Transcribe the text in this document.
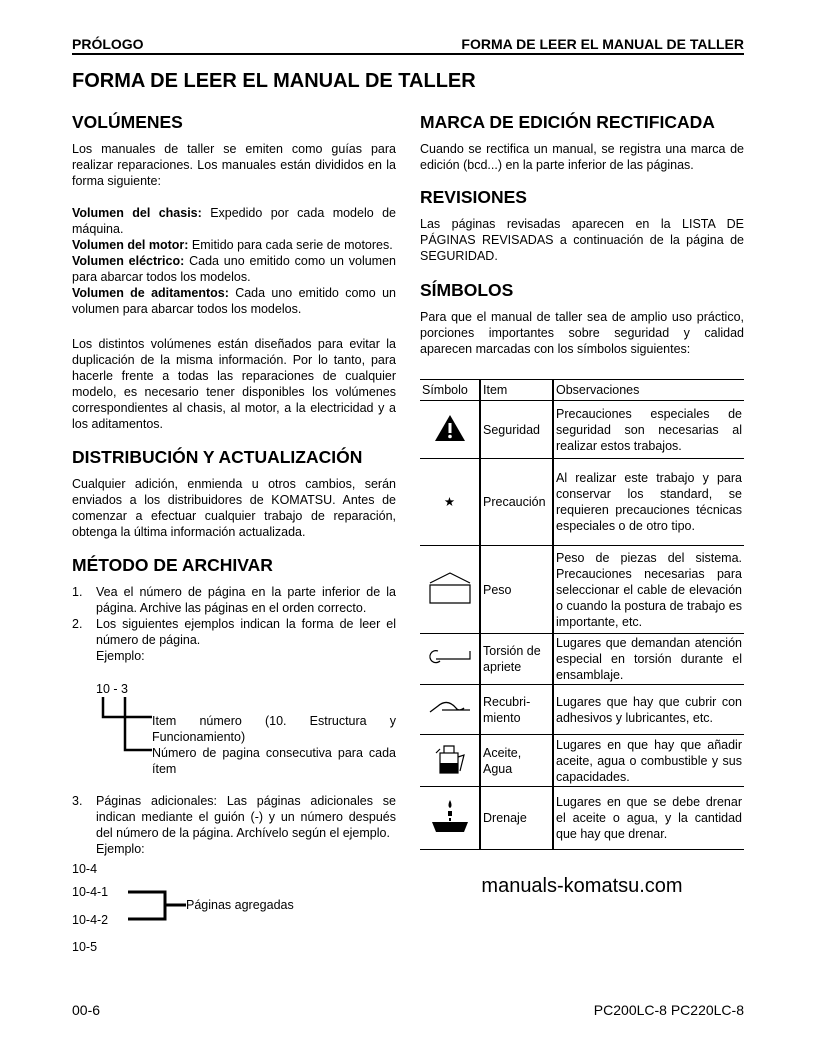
PRÓLOGO	FORMA DE LEER EL MANUAL DE TALLER
FORMA DE LEER EL MANUAL DE TALLER
VOLÚMENES

Los manuales de taller se emiten como guías para realizar reparaciones. Los manuales están divididos en la forma siguiente:

Volumen del chasis: Expedido por cada modelo de máquina.

Volumen del motor: Emitido para cada serie de motores.

Volumen eléctrico: Cada uno emitido como un volumen para abarcar todos los modelos.

Volumen de aditamentos: Cada uno emitido como un volumen para abarcar todos los modelos.

Los distintos volúmenes están diseñados para evitar la duplicación de la misma información. Por lo tanto, para hacerle frente a todas las reparaciones de cualquier modelo, es necesario tener disponibles los volúmenes correspondientes al chasis, al motor, a la electricidad y a los aditamentos.

DISTRIBUCIÓN Y ACTUALIZACIÓN

Cualquier adición, enmienda u otros cambios, serán enviados a los distribuidores de KOMATSU. Antes de comenzar a efectuar cualquier trabajo de reparación, obtenga la última información actualizada.

MÉTODO DE ARCHIVAR
1.	Vea el número de página en la parte inferior de la página. Archive las páginas en el orden correcto.
2.	Los siguientes ejemplos indican la forma de leer el número de página.
Ejemplo:
10 - 3
Item número (10. Estructura y Funcionamiento)
Número de pagina consecutiva para cada ítem
3.	Páginas adicionales: Las páginas adicionales se indican mediante el guión (-) y un número después del número de la página. Archívelo según el ejemplo.
Ejemplo:
10-4
10-4-1
10-4-2
10-5
Páginas agregadas
MARCA DE EDICIÓN RECTIFICADA

Cuando se rectifica un manual, se registra una marca de edición (bcd...) en la parte inferior de las páginas.

REVISIONES

Las páginas revisadas aparecen en la LISTA DE PÁGINAS REVISADAS a continuación de la página de SEGURIDAD.

SÍMBOLOS

Para que el manual de taller sea de amplio uso práctico, porciones importantes sobre seguridad y calidad aparecen marcadas con los símbolos siguientes:

Símbolo	Item	Observaciones
	Seguridad	Precauciones especiales de seguridad son necesarias al realizar estos trabajos.
★	Precaución	Al realizar este trabajo y para conservar los standard, se requieren precauciones técnicas especiales o de otro tipo.
	Peso	Peso de piezas del sistema. Precauciones necesarias para seleccionar el cable de elevación o cuando la postura de trabajo es importante, etc.
	Torsión de apriete	Lugares que demandan atención especial en torsión durante el ensamblaje.
	Recubri- miento	Lugares que hay que cubrir con adhesivos y lubricantes, etc.
	Aceite, Agua	Lugares en que hay que añadir aceite, agua o combustible y sus capacidades.
	Drenaje	Lugares en que se debe drenar el aceite o agua, y la cantidad que hay que drenar.
manuals-komatsu.com
00-6	PC200LC-8 PC220LC-8
